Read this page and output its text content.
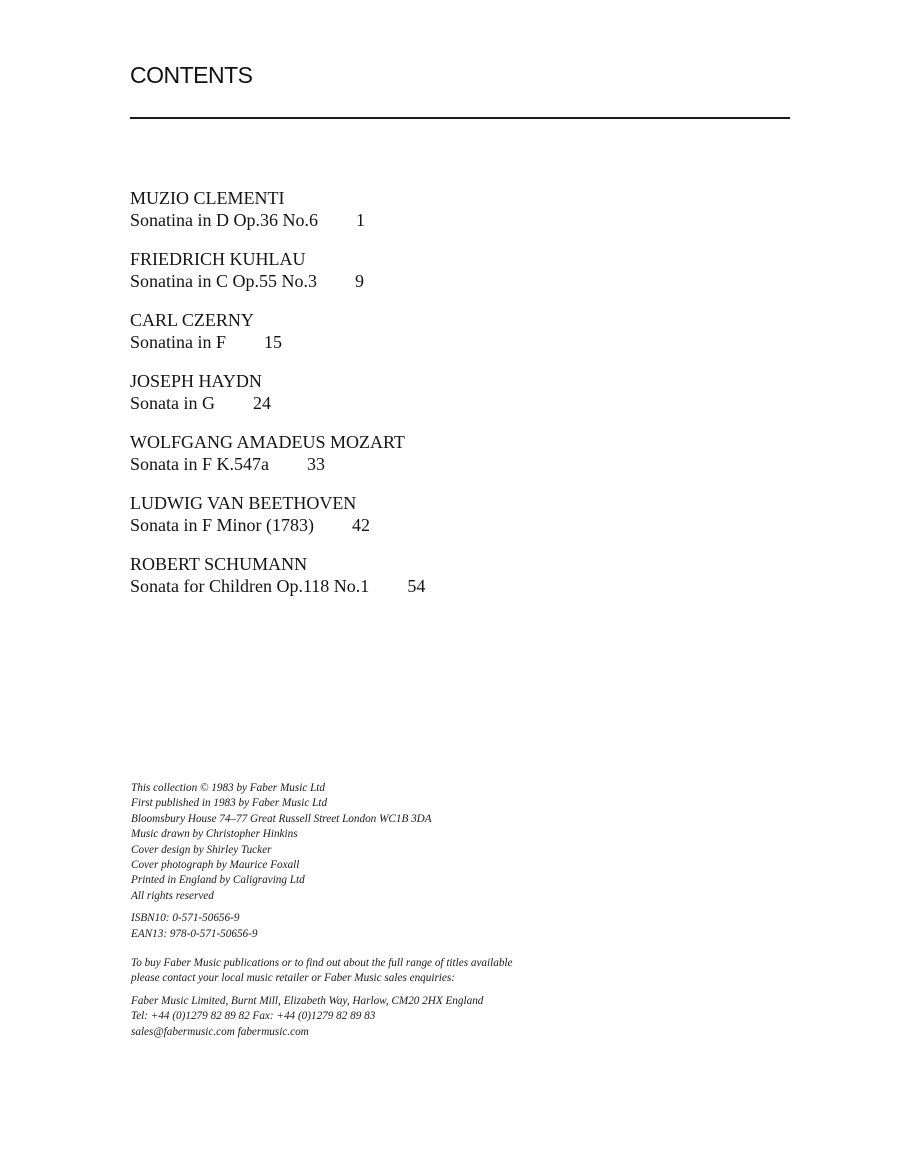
CONTENTS
MUZIO CLEMENTI
Sonatina in D Op.36 No.6 1
FRIEDRICH KUHLAU
Sonatina in C Op.55 No.3 9
CARL CZERNY
Sonatina in F 15
JOSEPH HAYDN
Sonata in G 24
WOLFGANG AMADEUS MOZART
Sonata in F K.547a 33
LUDWIG VAN BEETHOVEN
Sonata in F Minor (1783) 42
ROBERT SCHUMANN
Sonata for Children Op.118 No.1 54
This collection © 1983 by Faber Music Ltd
First published in 1983 by Faber Music Ltd
Bloomsbury House 74–77 Great Russell Street London WC1B 3DA
Music drawn by Christopher Hinkins
Cover design by Shirley Tucker
Cover photograph by Maurice Foxall
Printed in England by Caligraving Ltd
All rights reserved
ISBN10: 0-571-50656-9
EAN13: 978-0-571-50656-9
To buy Faber Music publications or to find out about the full range of titles available
please contact your local music retailer or Faber Music sales enquiries:
Faber Music Limited, Burnt Mill, Elizabeth Way, Harlow, CM20 2HX England
Tel: +44 (0)1279 82 89 82 Fax: +44 (0)1279 82 89 83
sales@fabermusic.com fabermusic.com
